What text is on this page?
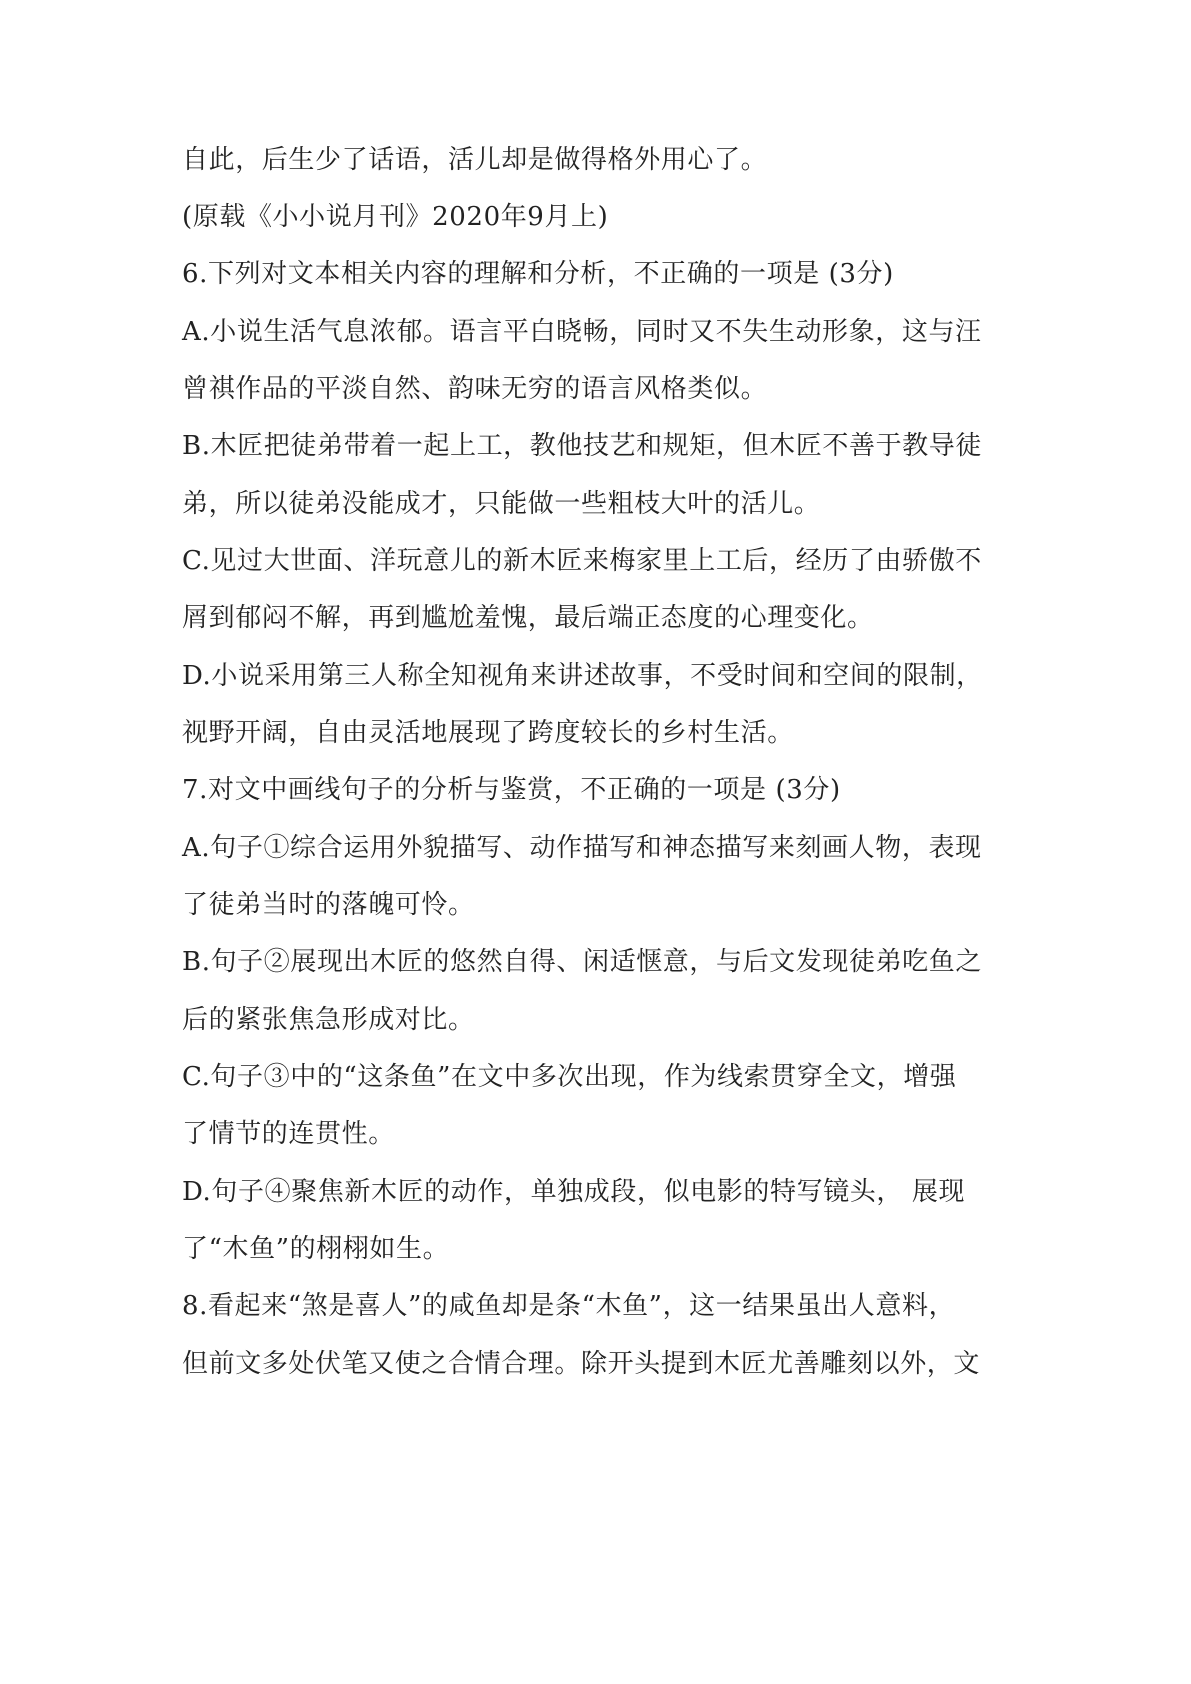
自此，后生少了话语，活儿却是做得格外用心了。
(原载《小小说月刊》2020年9月上)
6.下列对文本相关内容的理解和分析，不正确的一项是 (3分)
A.小说生活气息浓郁。语言平白晓畅，同时又不失生动形象，这与汪
曾祺作品的平淡自然、韵味无穷的语言风格类似。
B.木匠把徒弟带着一起上工，教他技艺和规矩，但木匠不善于教导徒
弟，所以徒弟没能成才，只能做一些粗枝大叶的活儿。
C.见过大世面、洋玩意儿的新木匠来梅家里上工后，经历了由骄傲不
屑到郁闷不解，再到尴尬羞愧，最后端正态度的心理变化。
D.小说采用第三人称全知视角来讲述故事，不受时间和空间的限制，
视野开阔，自由灵活地展现了跨度较长的乡村生活。
7.对文中画线句子的分析与鉴赏，不正确的一项是 (3分)
A.句子①综合运用外貌描写、动作描写和神态描写来刻画人物，表现
了徒弟当时的落魄可怜。
B.句子②展现出木匠的悠然自得、闲适惬意，与后文发现徒弟吃鱼之
后的紧张焦急形成对比。
C.句子③中的“这条鱼”在文中多次出现，作为线索贯穿全文，增强
了情节的连贯性。
D.句子④聚焦新木匠的动作，单独成段，似电影的特写镜头， 展现
了“木鱼”的栩栩如生。
8.看起来“煞是喜人”的咸鱼却是条“木鱼”，这一结果虽出人意料，
但前文多处伏笔又使之合情合理。除开头提到木匠尤善雕刻以外，文
